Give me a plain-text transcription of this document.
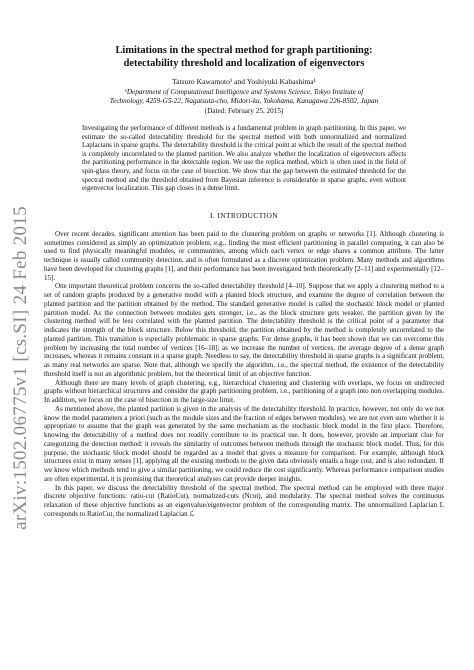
arXiv:1502.06775v1 [cs.SI] 24 Feb 2015
Limitations in the spectral method for graph partitioning:
detectability threshold and localization of eigenvectors
Tatsuro Kawamoto¹ and Yoshiyuki Kabashima¹
¹Department of Computational Intelligence and Systems Science, Tokyo Institute of
Technology, 4259-G5-22, Nagatsuta-cho, Midori-ku, Yokohama, Kanagawa 226-8502, Japan
(Dated: February 25, 2015)
Investigating the performance of different methods is a fundamental problem in graph partitioning. In this paper, we estimate the so-called detectability threshold for the spectral method with both unnormalized and normalized Laplacians in sparse graphs. The detectability threshold is the critical point at which the result of the spectral method is completely uncorrelated to the planted partition. We also analyze whether the localization of eigenvectors affects the partitioning performance in the detectable region. We use the replica method, which is often used in the field of spin-glass theory, and focus on the case of bisection. We show that the gap between the estimated threshold for the spectral method and the threshold obtained from Bayesian inference is considerable in sparse graphs, even without eigenvector localization. This gap closes in a dense limit.
I. INTRODUCTION

Over recent decades, significant attention has been paid to the clustering problem on graphs or networks [1]. Although clustering is sometimes considered as simply an optimization problem, e.g., finding the most efficient partitioning in parallel computing, it can also be used to find physically meaningful modules, or communities, among which each vertex or edge shares a common attribute. The latter technique is usually called community detection, and is often formulated as a discrete optimization problem. Many methods and algorithms have been developed for clustering graphs [1], and their performance has been investigated both theoretically [2–11] and experimentally [12–15].

One important theoretical problem concerns the so-called detectability threshold [4–10]. Suppose that we apply a clustering method to a set of random graphs produced by a generative model with a planted block structure, and examine the degree of correlation between the planted partition and the partition obtained by the method. The standard generative model is called the stochastic block model or planted partition model. As the connection between modules gets stronger, i.e., as the block structure gets weaker, the partition given by the clustering method will be less correlated with the planted partition. The detectability threshold is the critical point of a parameter that indicates the strength of the block structure. Below this threshold, the partition obtained by the method is completely uncorrelated to the planted partition. This transition is especially problematic in sparse graphs. For dense graphs, it has been shown that we can overcome this problem by increasing the total number of vertices [16–18]; as we increase the number of vertices, the average degree of a dense graph increases, whereas it remains constant in a sparse graph. Needless to say, the detectability threshold in sparse graphs is a significant problem, as many real networks are sparse. Note that, although we specify the algorithm, i.e., the spectral method, the existence of the detectability threshold itself is not an algorithmic problem, but the theoretical limit of an objective function.

Although there are many levels of graph clustering, e.g., hierarchical clustering and clustering with overlaps, we focus on undirected graphs without hierarchical structures and consider the graph partitioning problem, i.e., partitioning of a graph into non overlapping modules. In addition, we focus on the case of bisection in the large-size limit.

As mentioned above, the planted partition is given in the analysis of the detectability threshold. In practice, however, not only do we not know the model parameters a priori (such as the module sizes and the fraction of edges between modules), we are not even sure whether it is appropriate to assume that the graph was generated by the same mechanism as the stochastic block model in the first place. Therefore, knowing the detectability of a method does not readily contribute to its practical use. It does, however, provide an important clue for categorizing the detection method: it reveals the similarity of outcomes between methods through the stochastic block model. Thus, for this purpose, the stochastic block model should be regarded as a model that gives a measure for comparison. For example, although block structures exist in many senses [1], applying all the existing methods to the given data obviously entails a huge cost, and is also redundant. If we know which methods tend to give a similar partitioning, we could reduce the cost significantly. Whereas performance comparison studies are often experimental, it is promising that theoretical analyses can provide deeper insights.

In this paper, we discuss the detectability threshold of the spectral method. The spectral method can be employed with three major discrete objective functions: ratio-cut (RatioCut), normalized-cuts (Ncut), and modularity. The spectral method solves the continuous relaxation of these objective functions as an eigenvalue/eigenvector problem of the corresponding matrix. The unnormalized Laplacian L corresponds to RatioCut, the normalized Laplacian ℒ
